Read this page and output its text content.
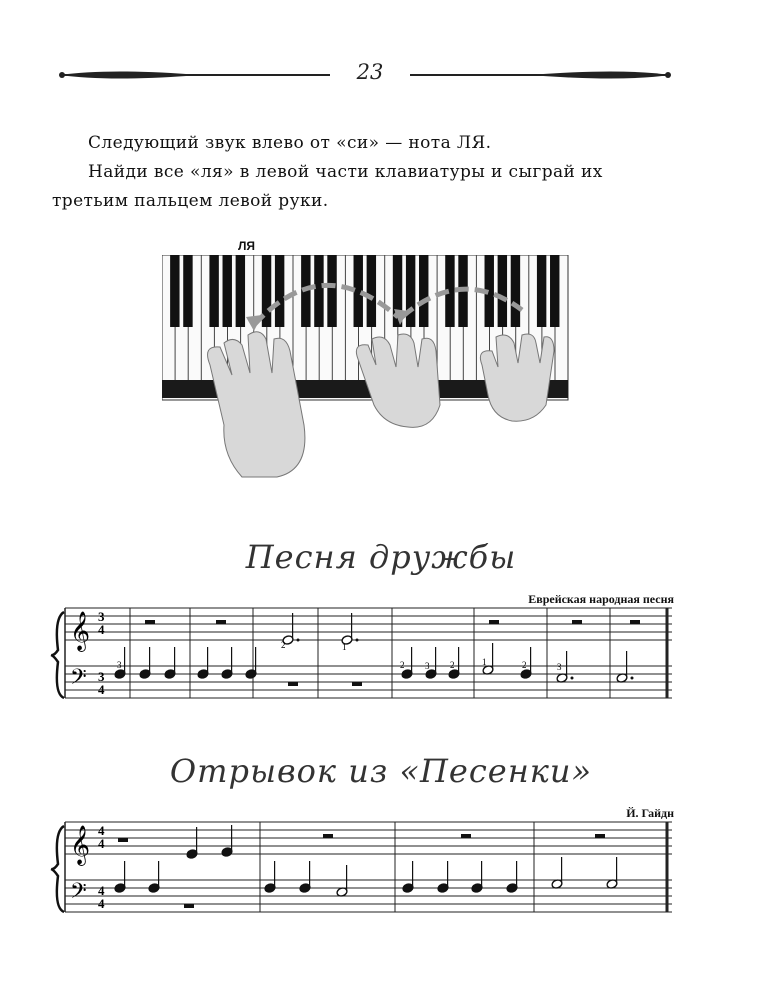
23
Следующий звук влево от «си» — нота ЛЯ.
Найди все «ля» в левой части клавиатуры и сыграй их
третьим пальцем левой руки.
ЛЯ
Песня дружбы
Еврейская народная песня
𝄞
𝄢
3
4
3
4
2	1
3	2 3 2	1	2	3
Отрывок из «Песенки»
Й. Гайдн
𝄞
𝄢
4
4
4
4
